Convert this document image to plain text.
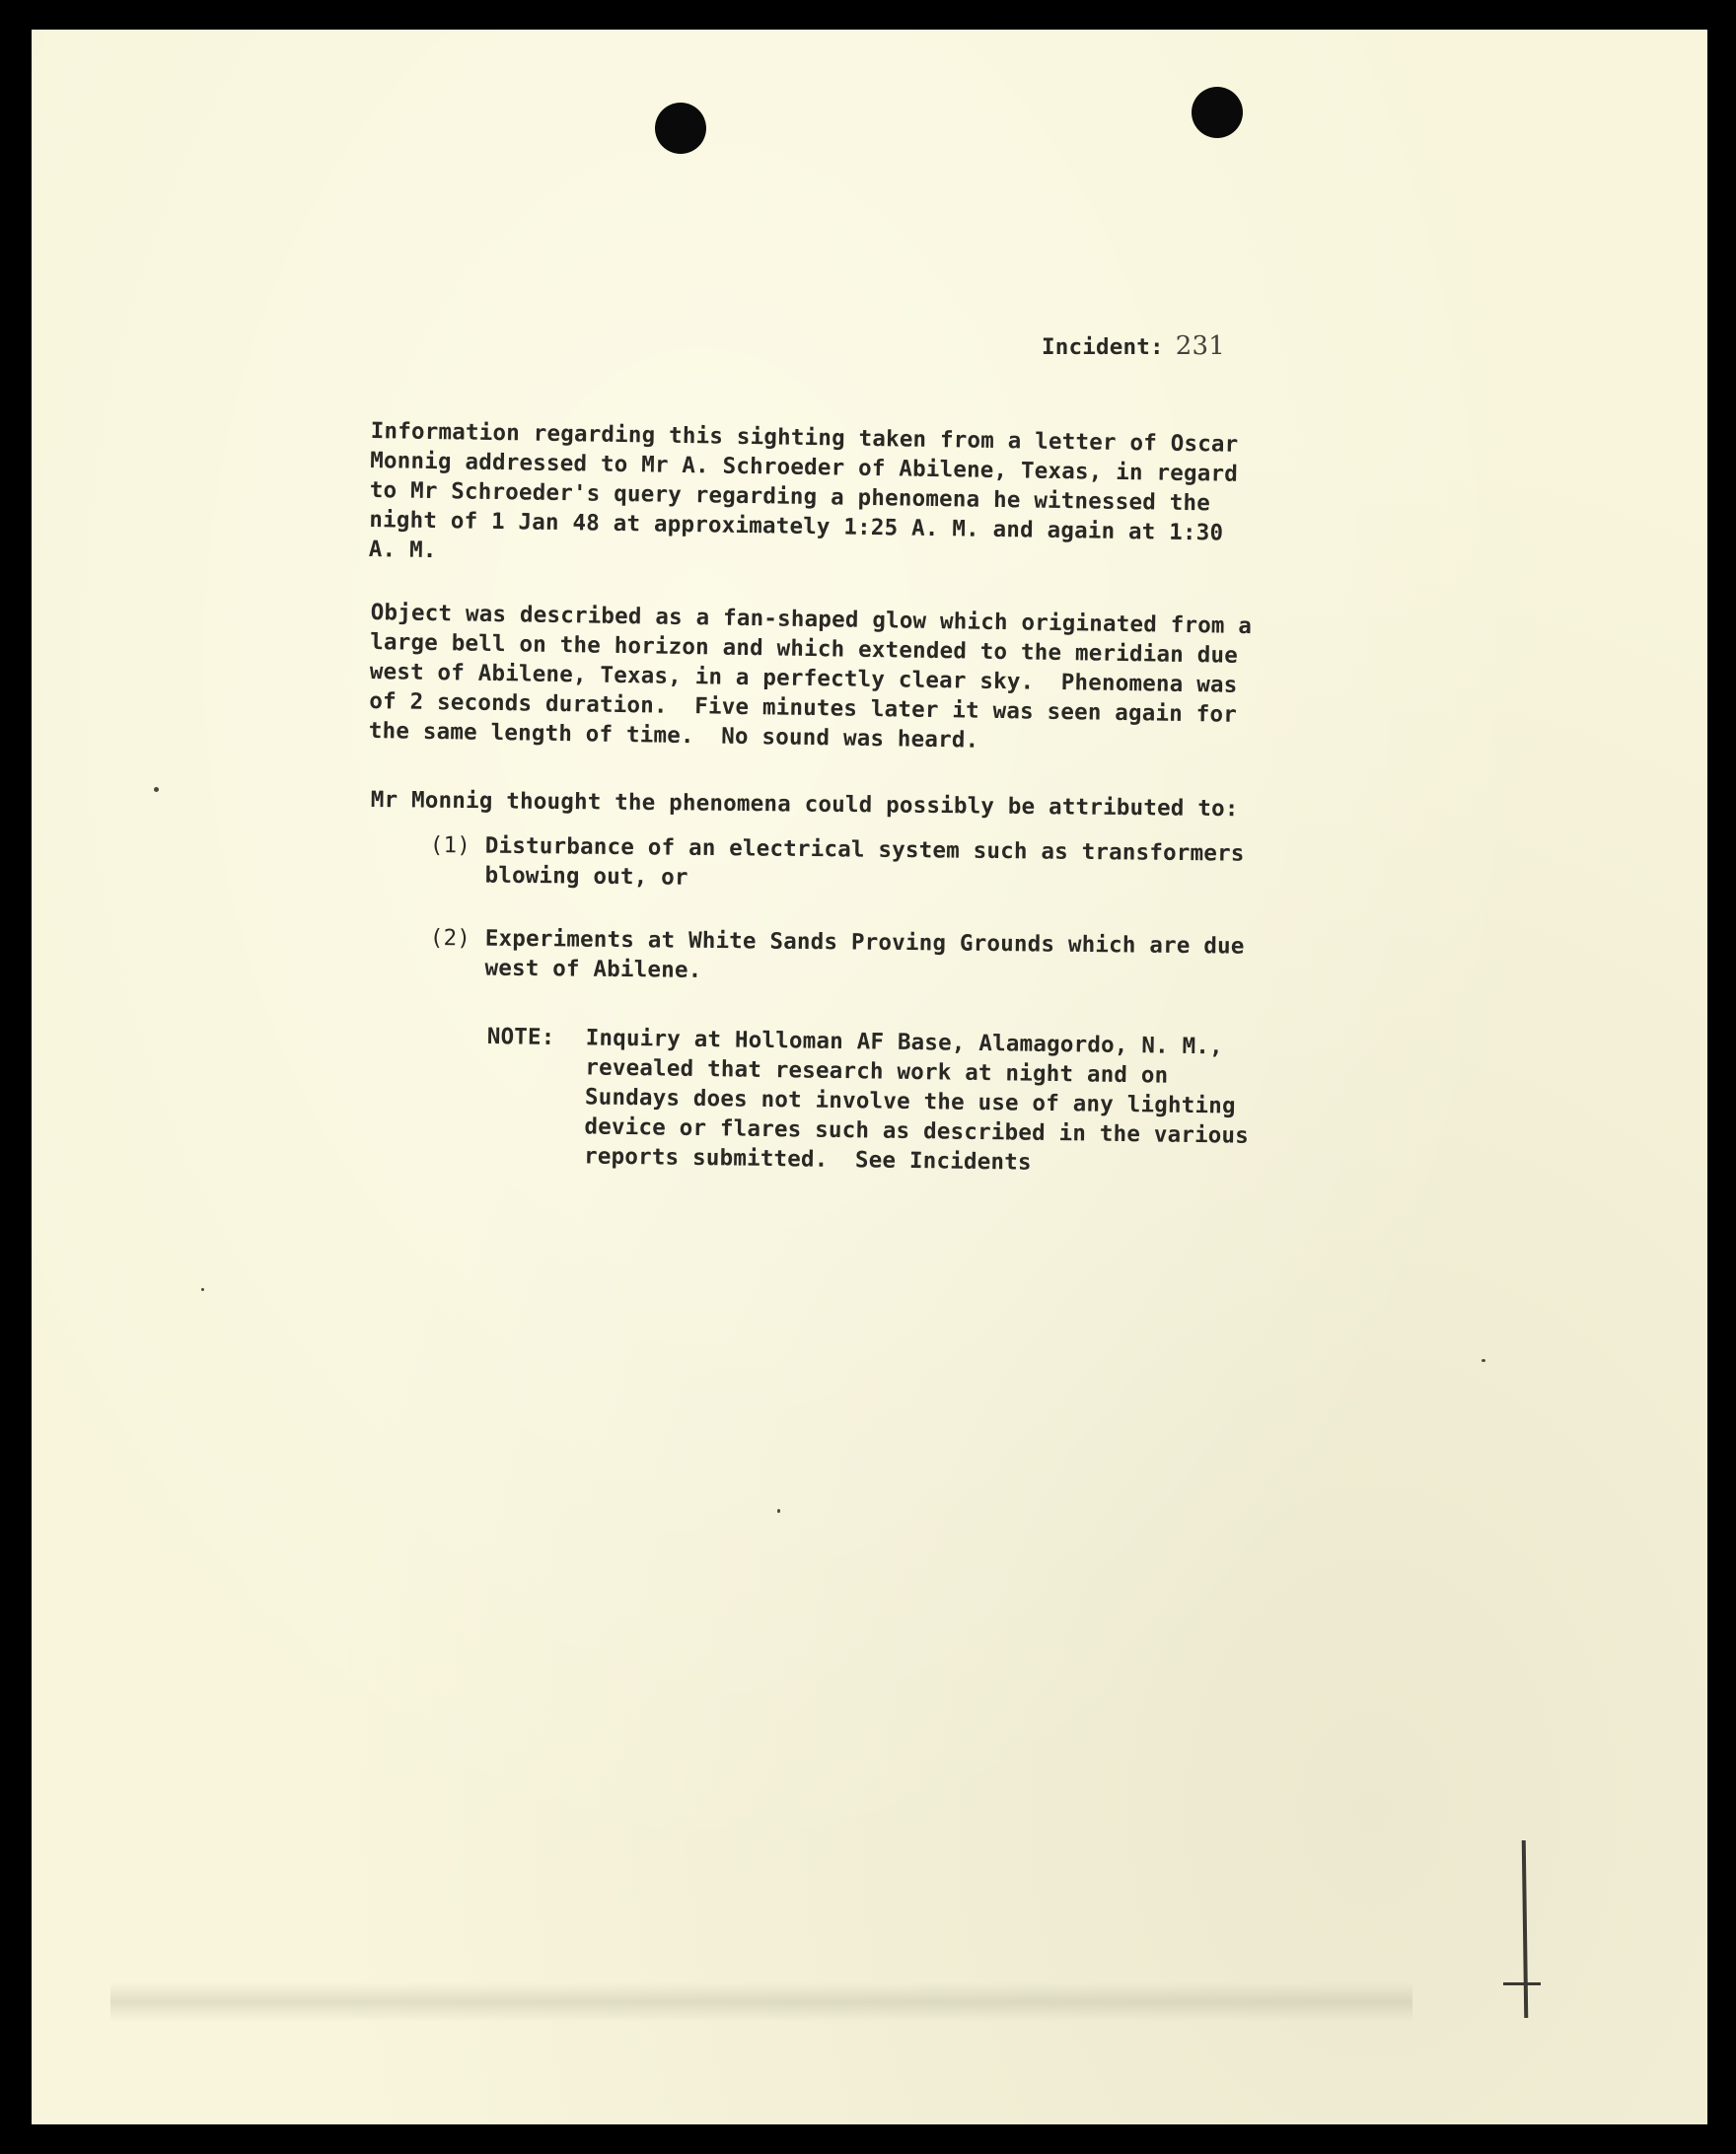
Incident: 231
Information regarding this sighting taken from a letter of Oscar
Monnig addressed to Mr A. Schroeder of Abilene, Texas, in regard
to Mr Schroeder's query regarding a phenomena he witnessed the
night of 1 Jan 48 at approximately 1:25 A. M. and again at 1:30
A. M.
Object was described as a fan-shaped glow which originated from a
large bell on the horizon and which extended to the meridian due
west of Abilene, Texas, in a perfectly clear sky.  Phenomena was
of 2 seconds duration.  Five minutes later it was seen again for
the same length of time.  No sound was heard.
Mr Monnig thought the phenomena could possibly be attributed to:
(1) Disturbance of an electrical system such as transformers
blowing out, or
(2) Experiments at White Sands Proving Grounds which are due
west of Abilene.
NOTE: Inquiry at Holloman AF Base, Alamagordo, N. M.,
revealed that research work at night and on
Sundays does not involve the use of any lighting
device or flares such as described in the various
reports submitted.  See Incidents
